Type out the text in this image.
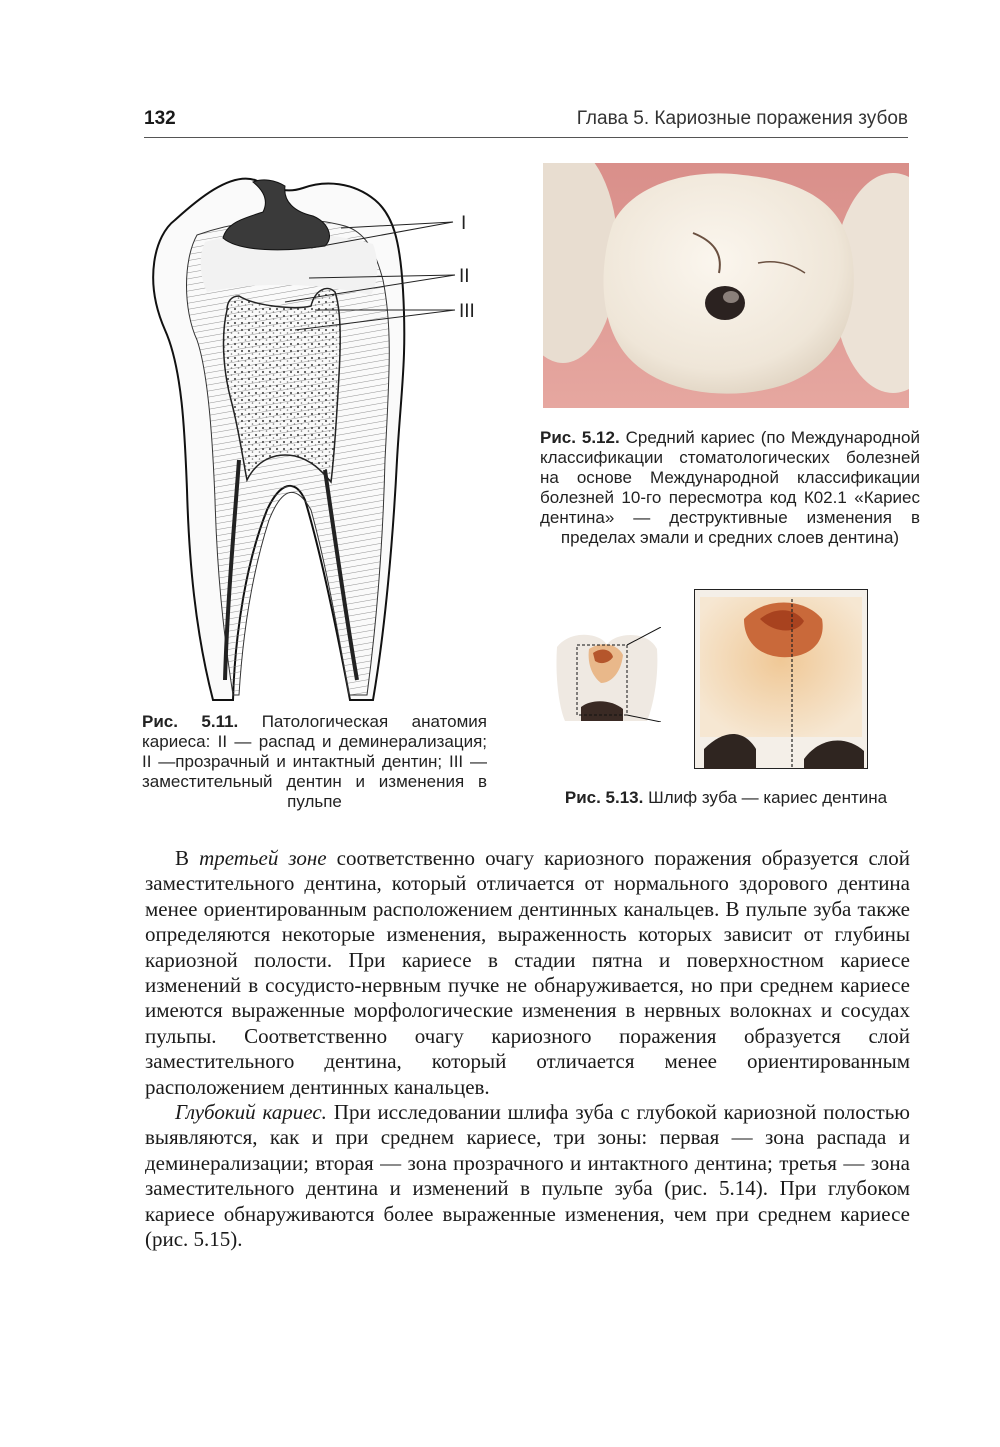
132	Глава 5. Кариозные поражения зубов
I
II
III
Рис. 5.11. Патологическая анатомия кариеса: II — распад и деминерализация; II —прозрачный и интактный дентин; III — заместительный дентин и изменения в пульпе
Рис. 5.12. Средний кариес (по Международной классификации стоматологических болезней на основе Международной классификации болезней 10-го пересмотра код К02.1 «Кариес дентина» — деструктивные изменения в пределах эмали и средних слоев дентина)
Рис. 5.13. Шлиф зуба — кариес дентина

В третьей зоне соответственно очагу кариозного поражения образуется слой заместительного дентина, который отличается от нормального здорового дентина менее ориентированным расположением дентинных канальцев. В пульпе зуба также определяются некоторые изменения, выраженность которых зависит от глубины кариозной полости. При кариесе в стадии пятна и поверхностном кариесе изменений в сосудисто-нервным пучке не обнаруживается, но при среднем кариесе имеются выраженные морфологические изменения в нервных волокнах и сосудах пульпы. Соответственно очагу кариозного поражения образуется слой заместительного дентина, который отличается менее ориентированным расположением дентинных канальцев.

Глубокий кариес. При исследовании шлифа зуба с глубокой кариозной полостью выявляются, как и при среднем кариесе, три зоны: первая — зона распада и деминерализации; вторая — зона прозрачного и интактного дентина; третья — зона заместительного дентина и изменений в пульпе зуба (рис. 5.14). При глубоком кариесе обнаруживаются более выраженные изменения, чем при среднем кариесе (рис. 5.15).
